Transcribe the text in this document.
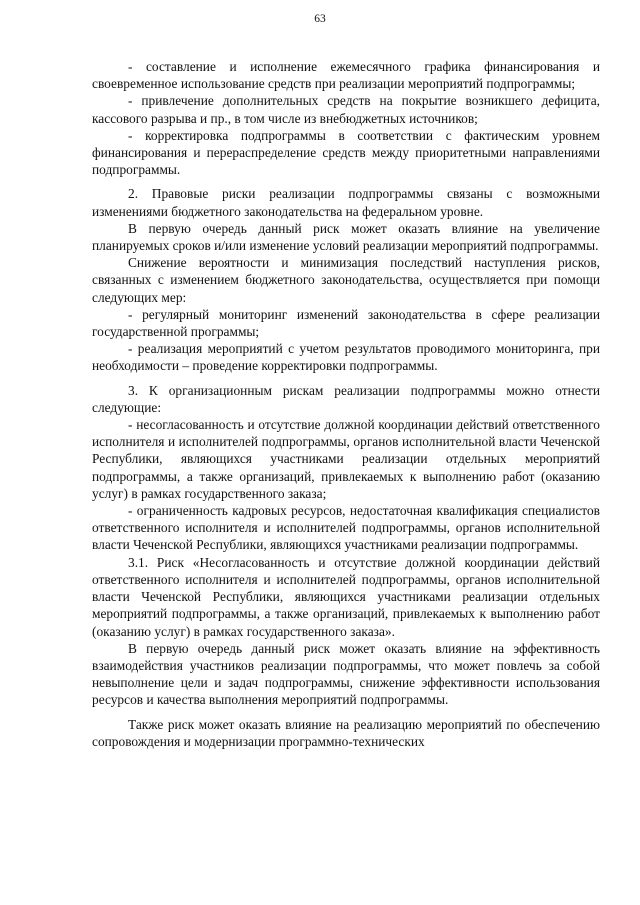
63

- составление и исполнение ежемесячного графика финансирования и своевременное использование средств при реализации мероприятий подпрограммы;

- привлечение дополнительных средств на покрытие возникшего дефицита, кассового разрыва и пр., в том числе из внебюджетных источников;

- корректировка подпрограммы в соответствии с фактическим уровнем финансирования и перераспределение средств между приоритетными направлениями подпрограммы.

2. Правовые риски реализации подпрограммы связаны с возможными изменениями бюджетного законодательства на федеральном уровне.

В первую очередь данный риск может оказать влияние на увеличение планируемых сроков и/или изменение условий реализации мероприятий подпрограммы.

Снижение вероятности и минимизация последствий наступления рисков, связанных с изменением бюджетного законодательства, осуществляется при помощи следующих мер:

- регулярный мониторинг изменений законодательства в сфере реализации государственной программы;

- реализация мероприятий с учетом результатов проводимого мониторинга, при необходимости – проведение корректировки подпрограммы.

3. К организационным рискам реализации подпрограммы можно отнести следующие:

- несогласованность и отсутствие должной координации действий ответственного исполнителя и исполнителей подпрограммы, органов исполнительной власти Чеченской Республики, являющихся участниками реализации отдельных мероприятий подпрограммы, а также организаций, привлекаемых к выполнению работ (оказанию услуг) в рамках государственного заказа;

- ограниченность кадровых ресурсов, недостаточная квалификация специалистов ответственного исполнителя и исполнителей подпрограммы, органов исполнительной власти Чеченской Республики, являющихся участниками реализации подпрограммы.

3.1. Риск «Несогласованность и отсутствие должной координации действий ответственного исполнителя и исполнителей подпрограммы, органов исполнительной власти Чеченской Республики, являющихся участниками реализации отдельных мероприятий подпрограммы, а также организаций, привлекаемых к выполнению работ (оказанию услуг) в рамках государственного заказа».

В первую очередь данный риск может оказать влияние на эффективность взаимодействия участников реализации подпрограммы, что может повлечь за собой невыполнение цели и задач подпрограммы, снижение эффективности использования ресурсов и качества выполнения мероприятий подпрограммы.

Также риск может оказать влияние на реализацию мероприятий по обеспечению сопровождения и модернизации программно-технических
